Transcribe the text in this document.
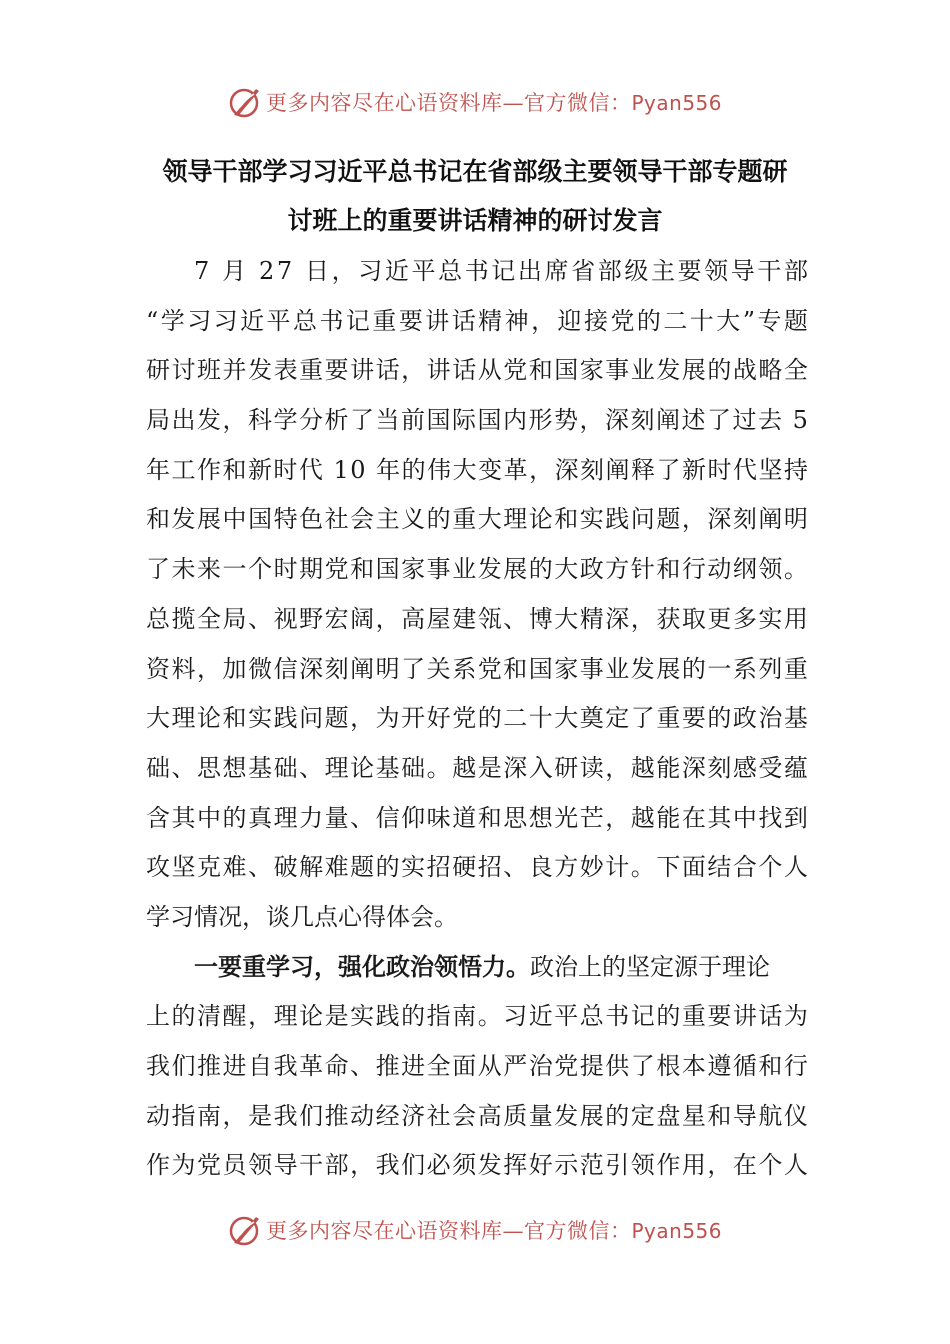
更多内容尽在心语资料库—官方微信：Pyan556
领导干部学习习近平总书记在省部级主要领导干部专题研
讨班上的重要讲话精神的研讨发言
7
月
2 7
日 ， 习 近 平 总 书 记 出 席 省 部 级 主 要 领 导 干 部
“ 学 习 习 近 平 总 书 记 重 要 讲 话 精 神 ， 迎 接 党 的 二 十 大 ” 专 题
研 讨 班 并 发 表 重 要 讲 话 ， 讲 话 从 党 和 国 家 事 业 发 展 的 战 略 全
局 出 发 ， 科 学 分 析 了 当 前 国 际 国 内 形 势 ， 深 刻 阐 述 了 过 去
5
年 工 作 和 新 时 代
1 0
年 的 伟 大 变 革 ， 深 刻 阐 释 了 新 时 代 坚 持
和 发 展 中 国 特 色 社 会 主 义 的 重 大 理 论 和 实 践 问 题 ， 深 刻 阐 明
了 未 来 一 个 时 期 党 和 国 家 事 业 发 展 的 大 政 方 针 和 行 动 纲 领 。
总 揽 全 局 、 视 野 宏 阔 ， 高 屋 建 瓴 、 博 大 精 深 ， 获 取 更 多 实 用
资 料 ， 加 微 信 深 刻 阐 明 了 关 系 党 和 国 家 事 业 发 展 的 一 系 列 重
大 理 论 和 实 践 问 题 ， 为 开 好 党 的 二 十 大 奠 定 了 重 要 的 政 治 基
础 、 思 想 基 础 、 理 论 基 础 。 越 是 深 入 研 读 ， 越 能 深 刻 感 受 蕴
含 其 中 的 真 理 力 量 、 信 仰 味 道 和 思 想 光 芒 ， 越 能 在 其 中 找 到
攻 坚 克 难 、 破 解 难 题 的 实 招 硬 招 、 良 方 妙 计 。 下 面 结 合 个 人
学习情况，谈几点心得体会。
一要重学习，强化政治领悟力。 政治上的坚定源于理论
上 的 清 醒 ， 理 论 是 实 践 的 指 南 。 习 近 平 总 书 记 的 重 要 讲 话 为
我 们 推 进 自 我 革 命 、 推 进 全 面 从 严 治 党 提 供 了 根 本 遵 循 和 行
动 指 南 ， 是 我 们 推 动 经 济 社 会 高 质 量 发 展 的 定 盘 星 和 导 航 仪
作 为 党 员 领 导 干 部 ， 我 们 必 须 发 挥 好 示 范 引 领 作 用 ， 在 个 人
更多内容尽在心语资料库—官方微信：Pyan556
